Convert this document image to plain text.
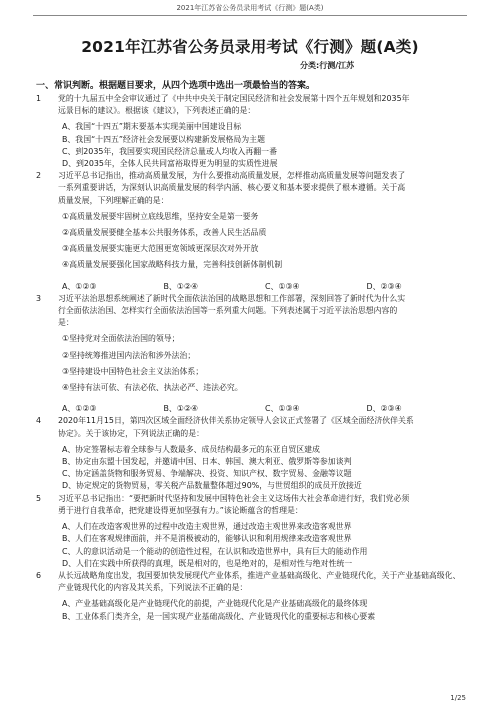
2021年江苏省公务员录用考试《行测》题(A类)
2021年江苏省公务员录用考试《行测》题(A类)
分类:行测/江苏
一、常识判断。根据题目要求，从四个选项中选出一项最恰当的答案。
1 党的十九届五中全会审议通过了《中共中央关于制定国民经济和社会发展第十四个五年规划和2035年
远景目标的建议》。根据该《建议》，下列表述正确的是：
A、我国“十四五”期末要基本实现美丽中国建设目标
B、我国“十四五”经济社会发展要以构建新发展格局为主题
C、到2035年，我国要实现国民经济总量或人均收入再翻一番
D、到2035年，全体人民共同富裕取得更为明显的实质性进展
2 习近平总书记指出，推动高质量发展，为什么要推动高质量发展，怎样推动高质量发展等问题发表了
一系列重要讲话，为深刻认识高质量发展的科学内涵、核心要义和基本要求提供了根本遵循。关于高
质量发展，下列理解正确的是：
①高质量发展要牢固树立底线思维，坚持安全是第一要务
②高质量发展要健全基本公共服务体系，改善人民生活品质
③高质量发展要实施更大范围更宽领域更深层次对外开放
④高质量发展要强化国家战略科技力量，完善科技创新体制机制
A、①②③	B、①②④	C、①③④	D、②③④
3 习近平法治思想系统阐述了新时代全面依法治国的战略思想和工作部署，深刻回答了新时代为什么实
行全面依法治国、怎样实行全面依法治国等一系列重大问题。下列表述属于习近平法治思想内容的
是：
①坚持党对全面依法治国的领导；
②坚持统筹推进国内法治和涉外法治；
③坚持建设中国特色社会主义法治体系；
④坚持有法可依、有法必依、执法必严、违法必究。
A、①②③	B、①②④	C、①③④	D、②③④
4 2020年11月15日，第四次区域全面经济伙伴关系协定领导人会议正式签署了《区域全面经济伙伴关系
协定》。关于该协定，下列说法正确的是：
A、协定签署标志着全球参与人数最多、成员结构最多元的东亚自贸区建成
B、协定由东盟十国发起，并邀请中国、日本、韩国、澳大利亚、俄罗斯等参加谈判
C、协定涵盖货物和服务贸易、争端解决、投资、知识产权、数字贸易、金融等议题
D、协定规定的货物贸易，零关税产品数量整体超过90%，与世贸组织的成员开放接近
5 习近平总书记指出：“要把新时代坚持和发展中国特色社会主义这场伟大社会革命进行好，我们党必须
勇于进行自我革命，把党建设得更加坚强有力。”该论断蕴含的哲理是：
A、人们在改造客观世界的过程中改造主观世界，通过改造主观世界来改造客观世界
B、人们在客观规律面前，并不是消极被动的，能够认识和利用规律来改造客观世界
C、人的意识活动是一个能动的创造性过程，在认识和改造世界中，具有巨大的能动作用
D、人们在实践中所获得的真理，既是相对的，也是绝对的，是相对性与绝对性统一
6 从长远战略角度出发，我国要加快发展现代产业体系，推进产业基础高级化、产业链现代化，关于产业基础高级化、
产业链现代化的内容及其关系，下列说法不正确的是：
A、产业基础高级化是产业链现代化的前提，产业链现代化是产业基础高级化的最终体现
B、工业体系门类齐全，是一国实现产业基础高级化、产业链现代化的重要标志和核心要素
1/25
